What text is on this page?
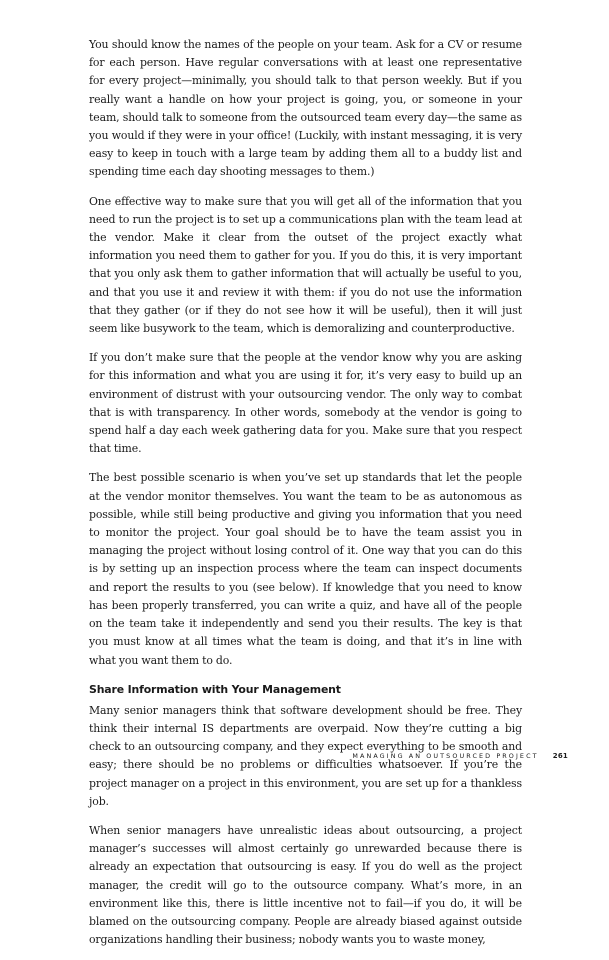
You should know the names of the people on your team. Ask for a CV or resume for each person. Have regular conversations with at least one representative for every project—minimally, you should talk to that person weekly. But if you really want a handle on how your project is going, you, or someone in your team, should talk to someone from the outsourced team every day—the same as you would if they were in your office! (Luckily, with instant messaging, it is very easy to keep in touch with a large team by adding them all to a buddy list and spending time each day shooting messages to them.)

One effective way to make sure that you will get all of the information that you need to run the project is to set up a communications plan with the team lead at the vendor. Make it clear from the outset of the project exactly what information you need them to gather for you. If you do this, it is very important that you only ask them to gather information that will actually be useful to you, and that you use it and review it with them: if you do not use the information that they gather (or if they do not see how it will be useful), then it will just seem like busywork to the team, which is demoralizing and counterproductive.

If you don’t make sure that the people at the vendor know why you are asking for this information and what you are using it for, it’s very easy to build up an environment of distrust with your outsourcing vendor. The only way to combat that is with transparency. In other words, somebody at the vendor is going to spend half a day each week gathering data for you. Make sure that you respect that time.

The best possible scenario is when you’ve set up standards that let the people at the vendor monitor themselves. You want the team to be as autonomous as possible, while still being productive and giving you information that you need to monitor the project. Your goal should be to have the team assist you in managing the project without losing control of it. One way that you can do this is by setting up an inspection process where the team can inspect documents and report the results to you (see below). If knowledge that you need to know has been properly transferred, you can write a quiz, and have all of the people on the team take it independently and send you their results. The key is that you must know at all times what the team is doing, and that it’s in line with what you want them to do.

Share Information with Your Management

Many senior managers think that software development should be free. They think their internal IS departments are overpaid. Now they’re cutting a big check to an outsourcing company, and they expect everything to be smooth and easy; there should be no problems or difficulties whatsoever. If you’re the project manager on a project in this environment, you are set up for a thankless job.

When senior managers have unrealistic ideas about outsourcing, a project manager’s successes will almost certainly go unrewarded because there is already an expectation that outsourcing is easy. If you do well as the project manager, the credit will go to the outsource company. What’s more, in an environment like this, there is little incentive not to fail—if you do, it will be blamed on the outsourcing company. People are already biased against outside organizations handling their business; nobody wants you to waste money,

MANAGING AN OUTSOURCED PROJECT 261
